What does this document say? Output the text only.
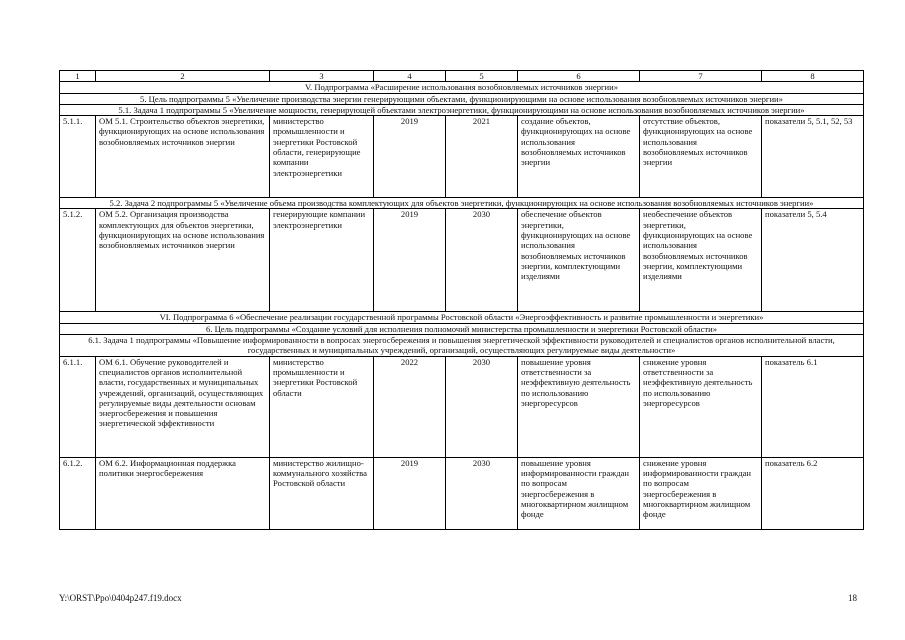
1	2	3	4	5	6	7	8
V. Подпрограмма «Расширение использования возобновляемых источников энергии»							
5. Цель подпрограммы 5 «Увеличение производства энергии генерирующими объектами, функционирующими на основе использования возобновляемых источников энергии»							
5.1. Задача 1 подпрограммы 5 «Увеличение мощности, генерирующей объектами электроэнергетики, функционирующими на основе использования возобновляемых источников энергии»							
5.1.1.	ОМ 5.1. Строительство объектов энергетики, функционирующих на основе использования возобновляемых источников энергии	министерство промышленности и энергетики Ростовской области, генерирующие компании электроэнергетики	2019	2021	создание объектов, функционирующих на основе использования возобновляемых источников энергии	отсутствие объектов, функционирующих на основе использования возобновляемых источников энергии	показатели 5, 5.1, 52, 53
5.2. Задача 2 подпрограммы 5 «Увеличение объема производства комплектующих для объектов энергетики, функционирующих на основе использования возобновляемых источников энергии»							
5.1.2.	ОМ 5.2. Организация производства комплектующих для объектов энергетики, функционирующих на основе использования возобновляемых источников энергии	генерирующие компании электроэнергетики	2019	2030	обеспечение объектов энергетики, функционирующих на основе использования возобновляемых источников энергии, комплектующими изделиями	необеспечение объектов энергетики, функционирующих на основе использования возобновляемых источников энергии, комплектующими изделиями	показатели 5, 5.4
VI. Подпрограмма 6 «Обеспечение реализации государственной программы Ростовской области «Энергоэффективность и развитие промышленности и энергетики»							
6. Цель подпрограммы «Создание условий для исполнения полномочий министерства промышленности и энергетики Ростовской области»							
6.1. Задача 1 подпрограммы «Повышение информированности в вопросах энергосбережения и повышения энергетической эффективности руководителей и специалистов органов исполнительной власти, государственных и муниципальных учреждений, организаций, осуществляющих регулируемые виды деятельности»							
6.1.1.	ОМ 6.1. Обучение руководителей и специалистов органов исполнительной власти, государственных и муниципальных учреждений, организаций, осуществляющих регулируемые виды деятельности основам энергосбережения и повышения энергетической эффективности	министерство промышленности и энергетики Ростовской области	2022	2030	повышение уровня ответственности за неэффективную деятельность по использованию энергоресурсов	снижение уровня ответственности за неэффективную деятельность по использованию энергоресурсов	показатель 6.1
6.1.2.	ОМ 6.2. Информационная поддержка политики энергосбережения	министерство жилищно-коммунального хозяйства Ростовской области	2019	2030	повышение уровня информированности граждан по вопросам энергосбережения в многоквартирном жилищном фонде	снижение уровня информированности граждан по вопросам энергосбережения в многоквартирном жилищном фонде	показатель 6.2
Y:\ORST\Ppo\0404p247.f19.docx	18
